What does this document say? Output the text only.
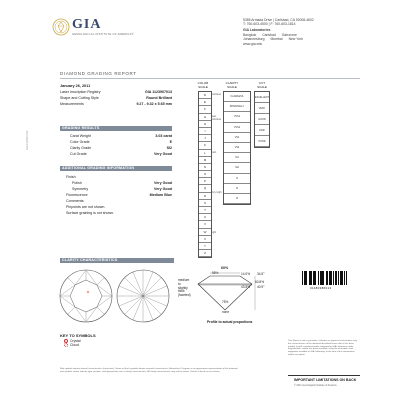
GIA
GEMOLOGICAL INSTITUTE OF AMERICA®
5355 Armada Drive | Carlsbad, CA 92008-4602
T: 760-603-4500 | F: 760-603-1814
GIA Laboratories
Bangkok Carlsbad Gaborone
Johannesburg Mumbai New York
www.gia.edu
DIAMOND GRADING REPORT
GIA 1123907013
January 26, 2011
Laser Inscription Registry	GIA 1123907013
Shape and Cutting Style	Round Brilliant
Measurements	9.27 - 9.32 x 5.65 mm
GRADING RESULTS
Carat Weight	3.03 carat
Color Grade	E
Clarity Grade	SI2
Cut Grade	Very Good
ADDITIONAL GRADING INFORMATION
Finish
Polish	Very Good
Symmetry	Very Good
Fluorescence	Medium Blue
Comments:
Pinpoints are not shown.
Surface graining is not shown.
CLARITY CHARACTERISTICS
KEY TO SYMBOLS
Crystal
Cloud
Red symbols denote internal characteristics (inclusions). Green or black symbols denote external characteristics (blemishes). Diagram is an approximate representation of the diamond, and symbols shown indicate type, position, and approximate size of clarity characteristics. All clarity characteristics may not be shown. Details of finish are not shown.
COLOR
SCALE
CLARITY
SCALE
CUT
SCALE
D
E
F
G
H
I
J
K
L
M
N
O
P
Q
R
S
T
U
V
W
X
Y
Z
Colorless
Near Colorless
Faint
Very Light
Light
FLAWLESS
INTERNALLY
VVS1
VVS2
VS1
VS2
SI1
SI2
I1
I2
I3
EXCELLENT
VERY
GOOD
FAIR
POOR
60%
55%	14.0% 34.5°
60.8%
43.5% 40.9°
75%
none
medium
to
slightly
thick
(faceted)
Profile to actual proportions
01180386013
This Report is not a guarantee, valuation or appraisal and contains only the characteristics of the diamond described herein after it has been graded, tested, examined and/or analyzed by GIA Laboratory under magnification, and/or has been inscribed, using the techniques and equipment available to GIA Laboratory at the time of the examination and/or inscription.
IMPORTANT LIMITATIONS ON BACK
© 2011 Gemological Institute of America
